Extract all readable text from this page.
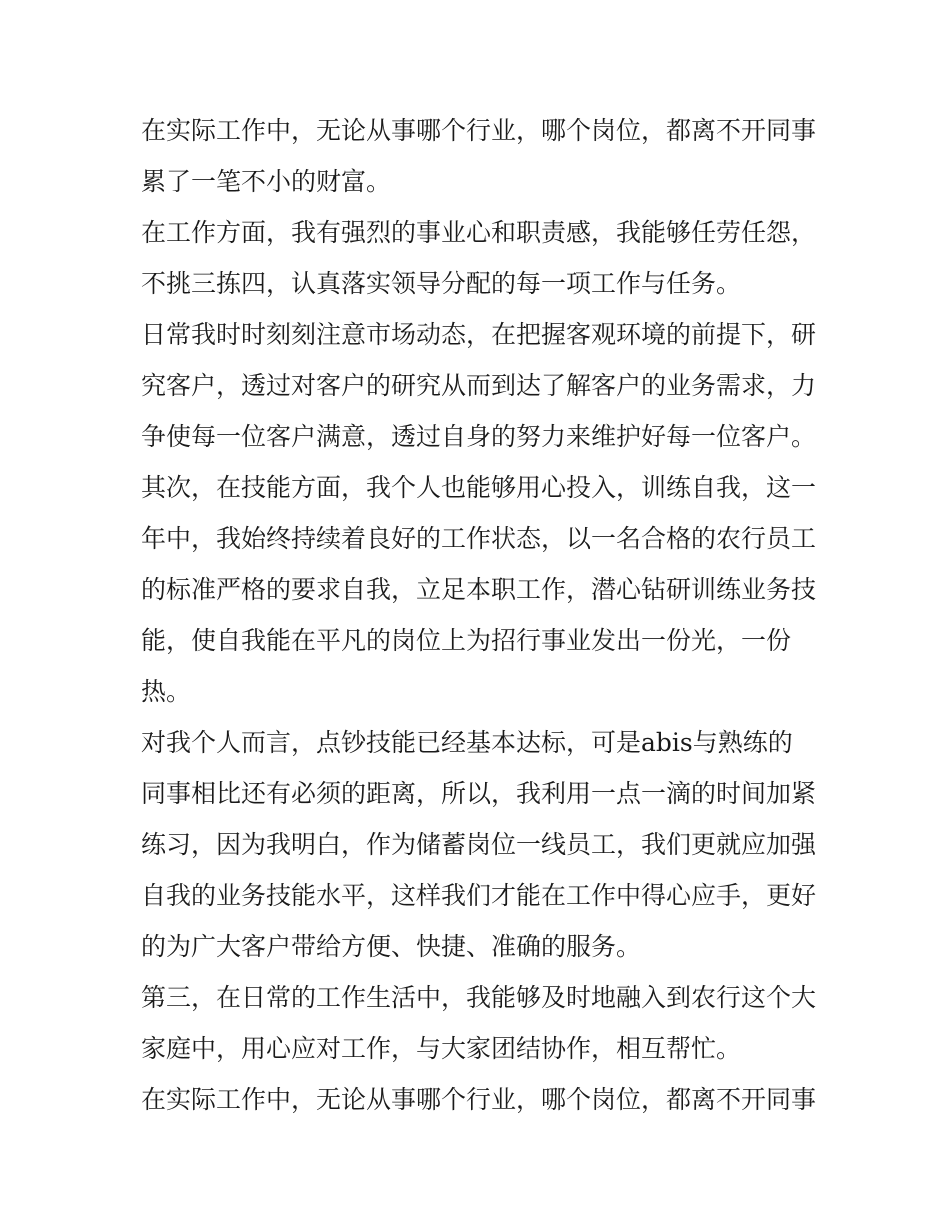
在实际工作中，无论从事哪个行业，哪个岗位，都离不开同事
累了一笔不小的财富。
在工作方面，我有强烈的事业心和职责感，我能够任劳任怨，
不挑三拣四，认真落实领导分配的每一项工作与任务。
日常我时时刻刻注意市场动态，在把握客观环境的前提下，研
究客户，透过对客户的研究从而到达了解客户的业务需求，力
争使每一位客户满意，透过自身的努力来维护好每一位客户。
其次，在技能方面，我个人也能够用心投入，训练自我，这一
年中，我始终持续着良好的工作状态，以一名合格的农行员工
的标准严格的要求自我，立足本职工作，潜心钻研训练业务技
能，使自我能在平凡的岗位上为招行事业发出一份光，一份
热。
对我个人而言，点钞技能已经基本达标，可是abis与熟练的
同事相比还有必须的距离，所以，我利用一点一滴的时间加紧
练习，因为我明白，作为储蓄岗位一线员工，我们更就应加强
自我的业务技能水平，这样我们才能在工作中得心应手，更好
的为广大客户带给方便、快捷、准确的服务。
第三，在日常的工作生活中，我能够及时地融入到农行这个大
家庭中，用心应对工作，与大家团结协作，相互帮忙。
在实际工作中，无论从事哪个行业，哪个岗位，都离不开同事
